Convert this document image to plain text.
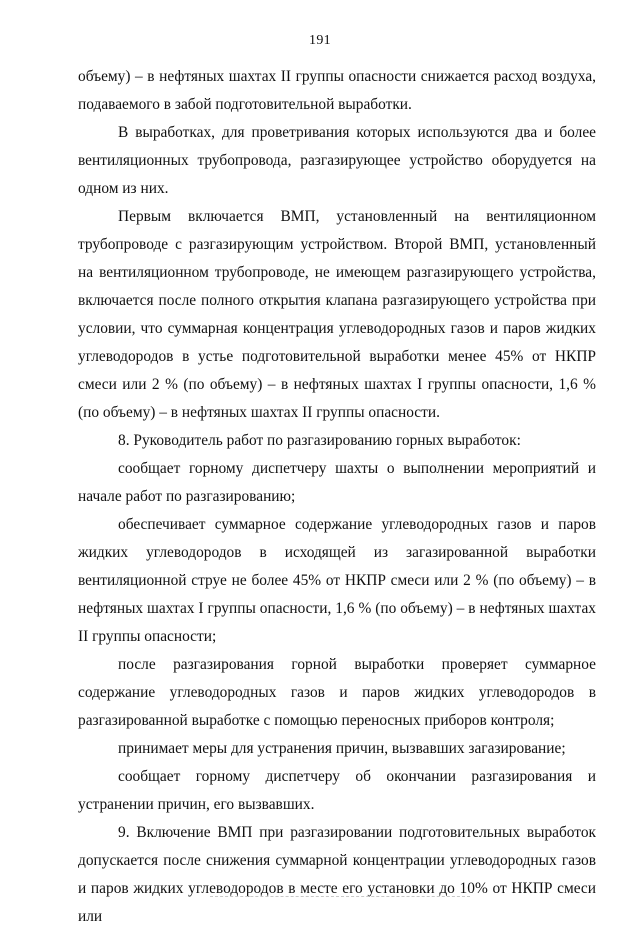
191

объему) – в нефтяных шахтах II группы опасности снижается расход воздуха, подаваемого в забой подготовительной выработки.

В выработках, для проветривания которых используются два и более вентиляционных трубопровода, разгазирующее устройство оборудуется на одном из них.

Первым включается ВМП, установленный на вентиляционном трубопроводе с разгазирующим устройством. Второй ВМП, установленный на вентиляционном трубопроводе, не имеющем разгазирующего устройства, включается после полного открытия клапана разгазирующего устройства при условии, что суммарная концентрация углеводородных газов и паров жидких углеводородов в устье подготовительной выработки менее 45% от НКПР смеси или 2 % (по объему) – в нефтяных шахтах I группы опасности, 1,6 % (по объему) – в нефтяных шахтах II группы опасности.

8. Руководитель работ по разгазированию горных выработок:

сообщает горному диспетчеру шахты о выполнении мероприятий и начале работ по разгазированию;

обеспечивает суммарное содержание углеводородных газов и паров жидких углеводородов в исходящей из загазированной выработки вентиляционной струе не более 45% от НКПР смеси или 2 % (по объему) – в нефтяных шахтах I группы опасности, 1,6 % (по объему) – в нефтяных шахтах II группы опасности;

после разгазирования горной выработки проверяет суммарное содержание углеводородных газов и паров жидких углеводородов в разгазированной выработке с помощью переносных приборов контроля;

принимает меры для устранения причин, вызвавших загазирование;

сообщает горному диспетчеру об окончании разгазирования и устранении причин, его вызвавших.

9. Включение ВМП при разгазировании подготовительных выработок допускается после снижения суммарной концентрации углеводородных газов и паров жидких углеводородов в месте его установки до 10% от НКПР смеси или
